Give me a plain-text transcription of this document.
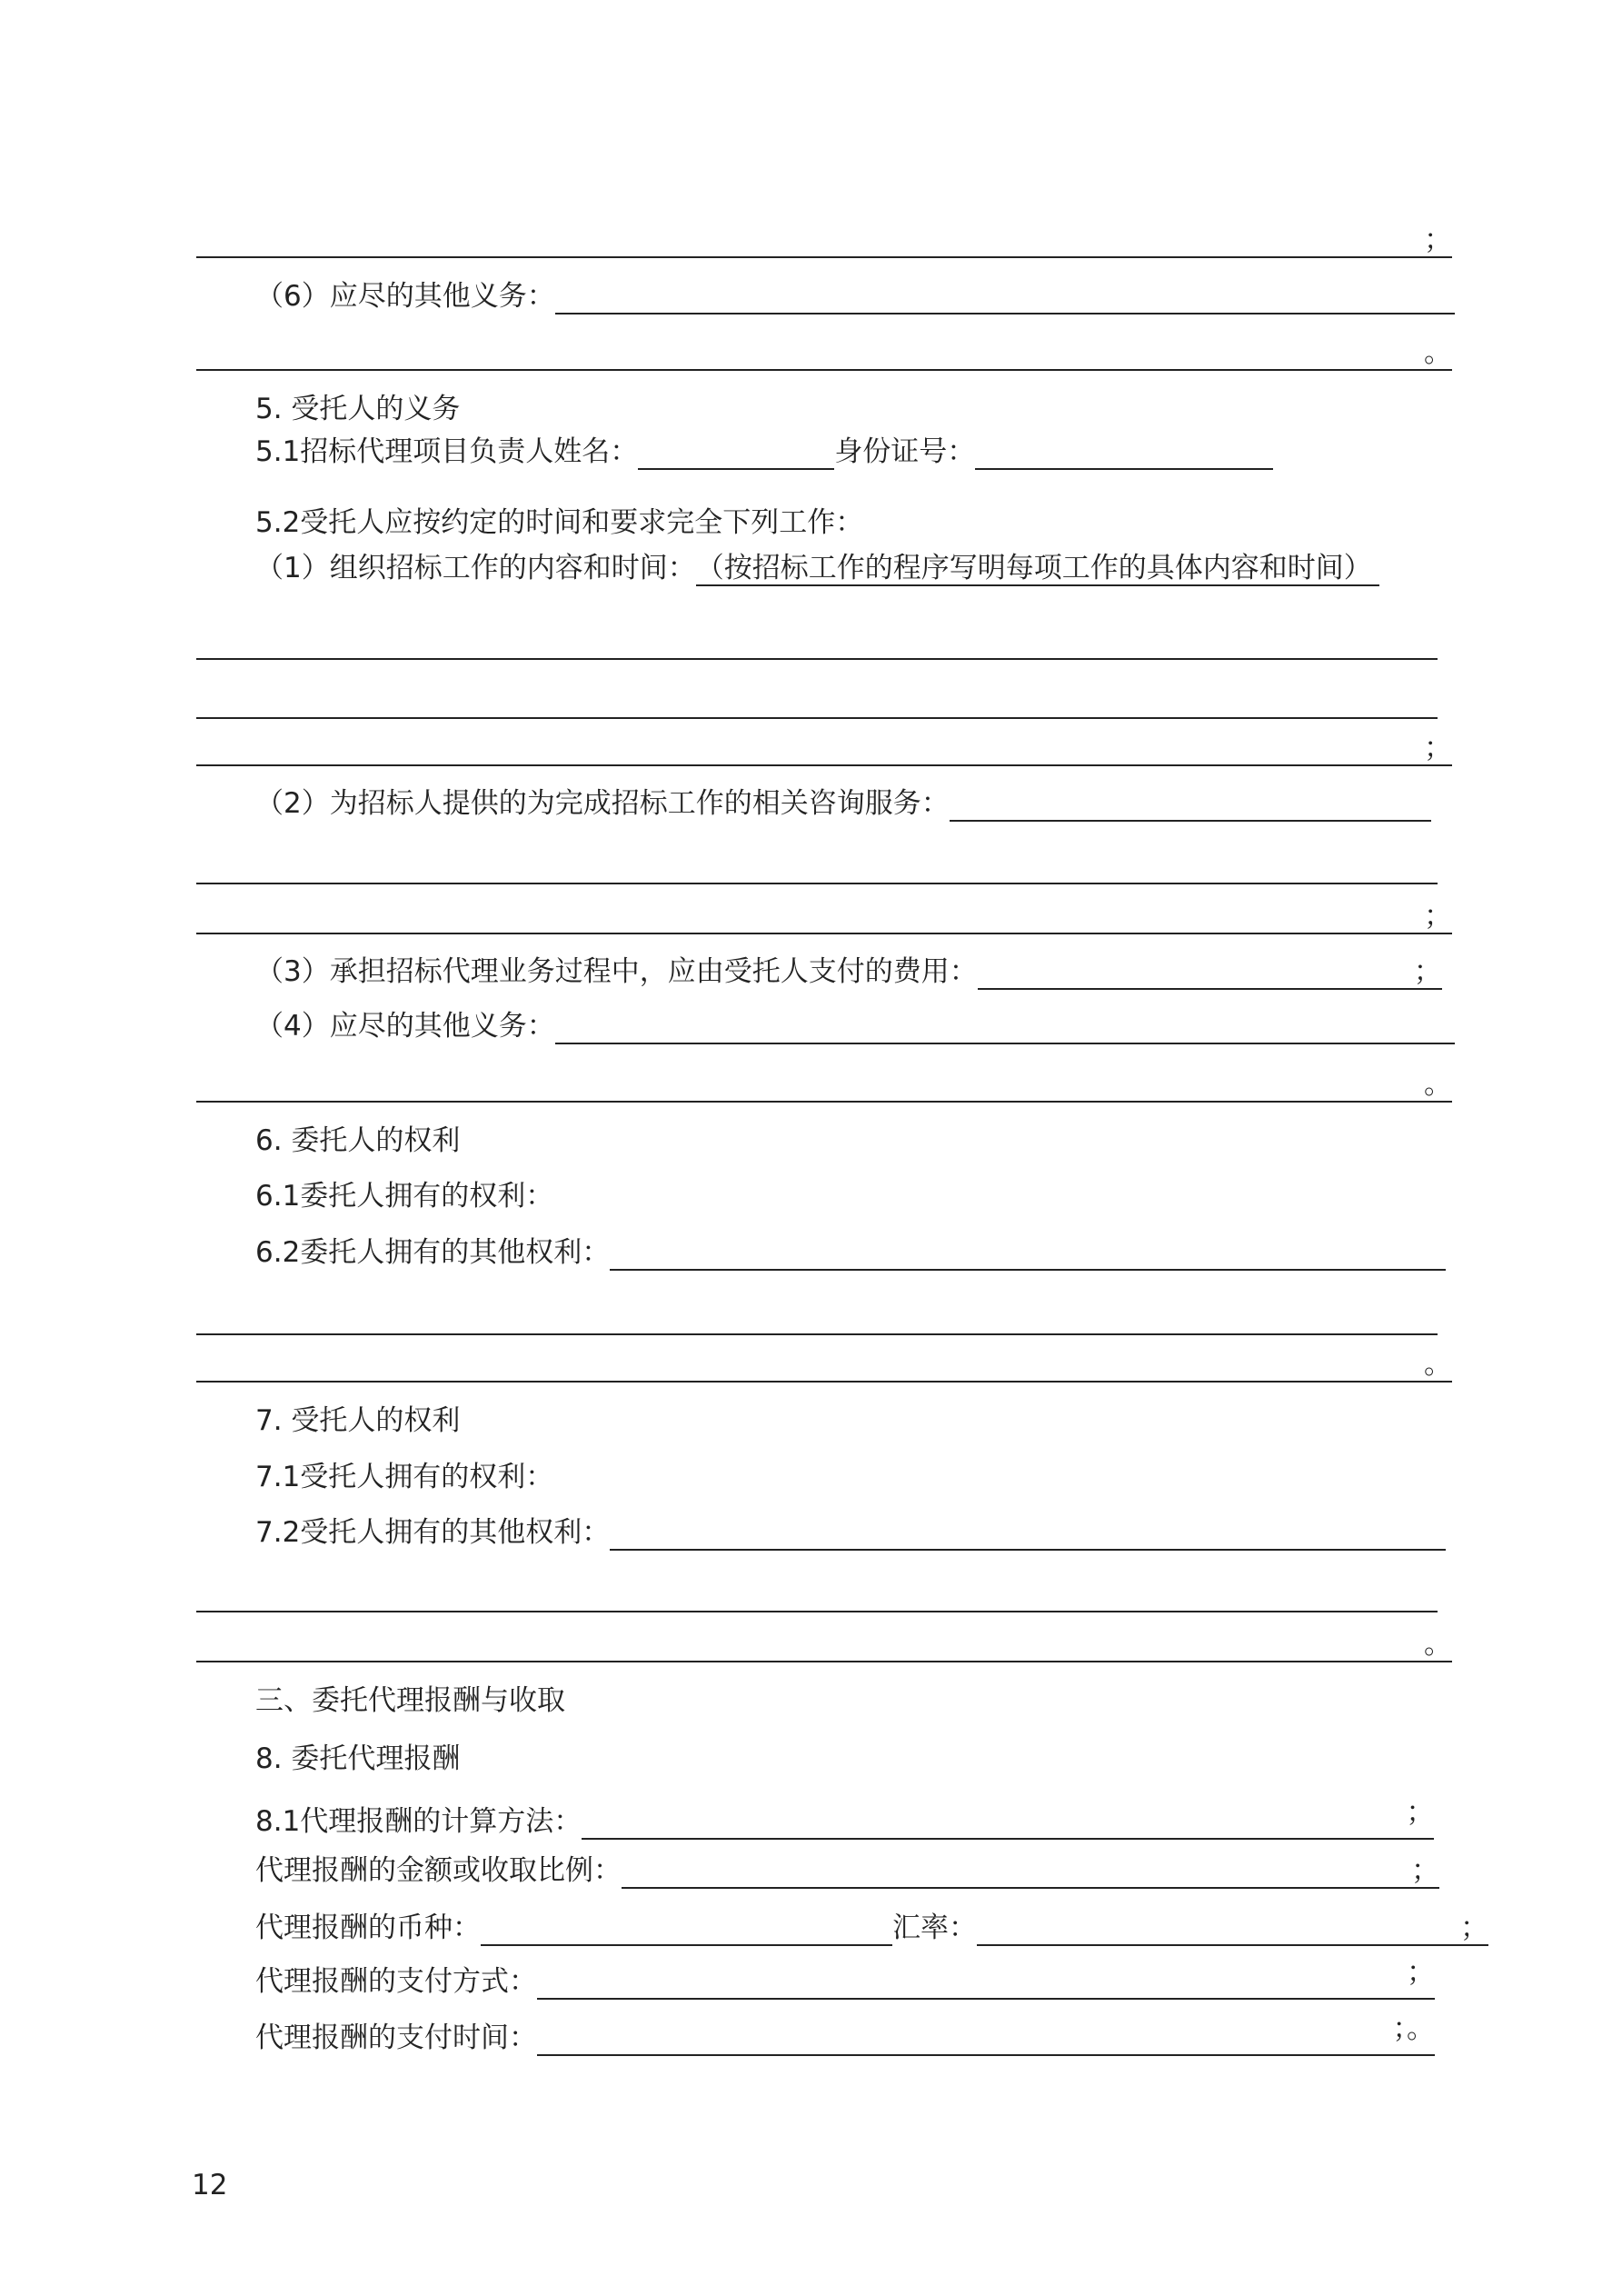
；
（6）应尽的其他义务：
。
5. 受托人的义务
5.1招标代理项目负责人姓名：	身份证号：
5.2受托人应按约定的时间和要求完全下列工作：
（1）组织招标工作的内容和时间： （按招标工作的程序写明每项工作的具体内容和时间）
；
（2）为招标人提供的为完成招标工作的相关咨询服务：
；
（3）承担招标代理业务过程中，应由受托人支付的费用：	；
（4）应尽的其他义务：
。
6. 委托人的权利
6.1委托人拥有的权利：
6.2委托人拥有的其他权利：
。
7. 受托人的权利
7.1受托人拥有的权利：
7.2受托人拥有的其他权利：
。
三、委托代理报酬与收取
8. 委托代理报酬
8.1代理报酬的计算方法：	；
代理报酬的金额或收取比例：	；
代理报酬的币种：	汇率：	；
代理报酬的支付方式：	；
代理报酬的支付时间：	；。
12
